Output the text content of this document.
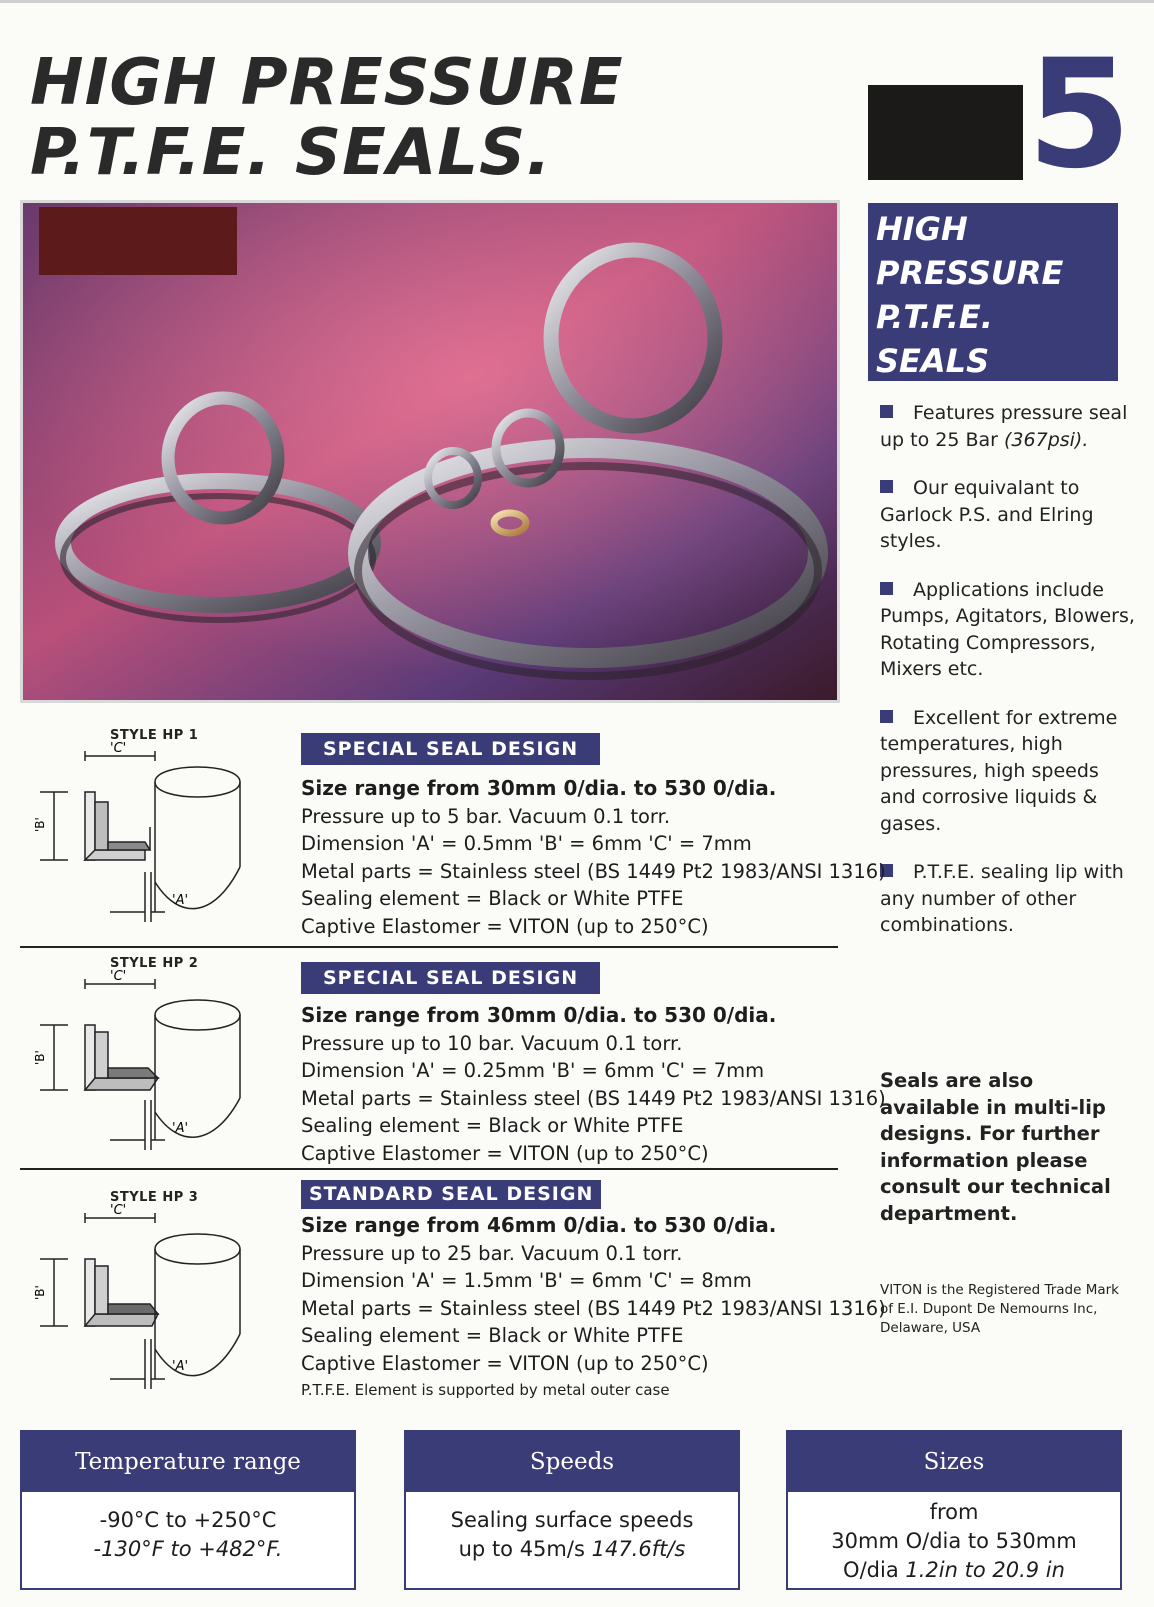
HIGH PRESSURE
P.T.F.E. SEALS.	5
HIGH
PRESSURE
P.T.F.E.
SEALS
Features pressure seal up to 25 Bar (367psi).
Our equivalant to Garlock P.S. and Elring styles.
Applications include Pumps, Agitators, Blowers, Rotating Compressors, Mixers etc.
Excellent for extreme temperatures, high pressures, high speeds and corrosive liquids & gases.
P.T.F.E. sealing lip with any number of other combinations.
Seals are also available in multi-lip designs. For further information please consult our technical department.
VITON is the Registered Trade Mark of E.I. Dupont De Nemourns Inc, Delaware, USA
STYLE HP 1
'C'
'B'
'A'
SPECIAL SEAL DESIGN
Size range from 30mm 0/dia. to 530 0/dia.
Pressure up to 5 bar. Vacuum 0.1 torr.
Dimension 'A' = 0.5mm 'B' = 6mm 'C' = 7mm
Metal parts = Stainless steel (BS 1449 Pt2 1983/ANSI 1316)
Sealing element = Black or White PTFE
Captive Elastomer = VITON (up to 250°C)
STYLE HP 2
'C'
'B'
'A'
SPECIAL SEAL DESIGN
Size range from 30mm 0/dia. to 530 0/dia.
Pressure up to 10 bar. Vacuum 0.1 torr.
Dimension 'A' = 0.25mm 'B' = 6mm 'C' = 7mm
Metal parts = Stainless steel (BS 1449 Pt2 1983/ANSI 1316)
Sealing element = Black or White PTFE
Captive Elastomer = VITON (up to 250°C)
STYLE HP 3
'C'
'B'
'A'
STANDARD SEAL DESIGN
Size range from 46mm 0/dia. to 530 0/dia.
Pressure up to 25 bar. Vacuum 0.1 torr.
Dimension 'A' = 1.5mm 'B' = 6mm 'C' = 8mm
Metal parts = Stainless steel (BS 1449 Pt2 1983/ANSI 1316)
Sealing element = Black or White PTFE
Captive Elastomer = VITON (up to 250°C)
P.T.F.E. Element is supported by metal outer case
Temperature range
-90°C to +250°C
-130°F to +482°F.
Speeds
Sealing surface speeds
up to 45m/s 147.6ft/s
Sizes
from
30mm O/dia to 530mm
O/dia 1.2in to 20.9 in
